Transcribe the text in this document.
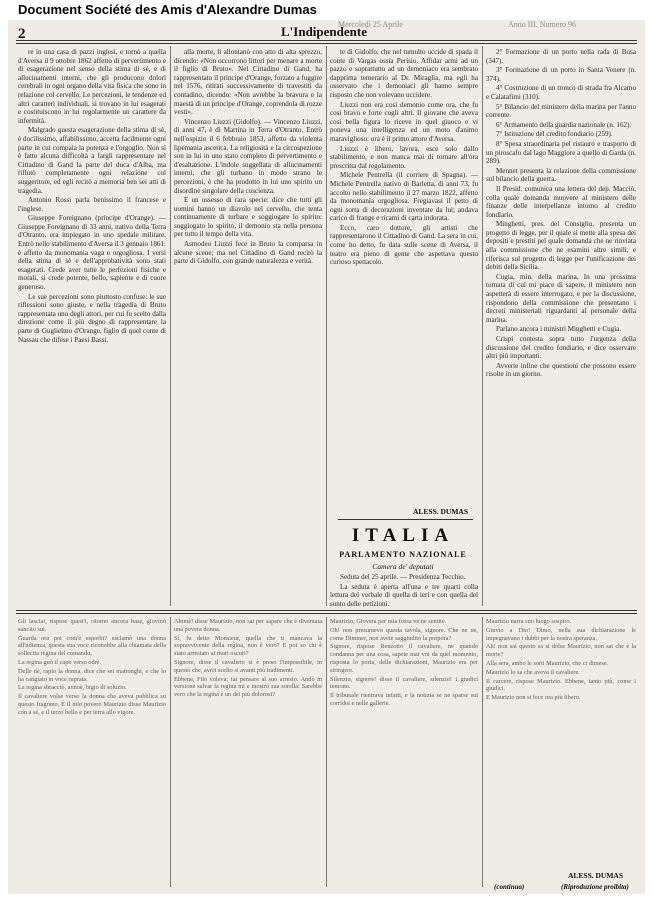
Document Société des Amis d'Alexandre Dumas
2
Mercoledì 25 Aprile	Anno III. Numero 96
L'Indipendente

re in una casa di pazzi inglesi, e tornò a quella d'Aversa il 9 ottobre 1862 affetto di pervertimento e di esagerazione nel senso della stima di sè, e di allucinamenti interni, che gli producono dolori cerebrali in ogni organo della vita fisica che sono in relazione col cervello. Le percezioni, le tendenze ed altri caratteri individuali, si trovano in lui esagerati e costituiscono in lui regolarmente un carattere da infermità.

Malgrado questa esagerazione della stima di sè, è docilissimo, affabilissimo, accetta facilmente ogni parte in cui compaia la potenza e l'orgoglio. Non si è fatto alcuna difficoltà a fargli rappresentare nel Cittadino di Gand la parte del duca d'Alba, ma riflutò completamente ogni relazione col suggeritore, ed egli recitò a memoria ben sei atti di tragedia.

Antonio Rossi parla benissimo il francese e l'inglese.

Giuseppe Foreignano (principe d'Orange). — Giuseppe Foreignano di 33 anni, nativo della Terra d'Otranto, era impiegato in uno spedale militare. Entrò nello stabilimento d'Aversa il 3 gennaio 1861: è affetto da monomania vaga e orgogliosa. I versi della stima di sè e dell'approbatività sono stati esagerati. Crede aver tutte le perfezioni fisiche e morali, si crede potente, bello, sapiente e di cuore generoso.

Le sue percezioni sono piuttosto confuse: le sue riflessioni sono giuste, e nella tragedia di Bruto rappresentata uno degli attori, per cui fu scelto dalla direzione come il più degno di rappresentare la parte di Guglielmo d'Orange, figlio di quel conte di Nassau che difese i Paesi Bassi.

alla morte, li allontanò con atto di alta sprezzo, dicendo: «Non occorrono littori per menare a morte il figlio di Bruto». Nel Cittadino di Gand, ha rappresentato il principe d'Orange, forzato a fuggire nel 1576, ritirati successivamente di travestiti da contadino, dicendo: «Non avrebbe la bravura e la maestà di un principe d'Orange, coprendola di rozze vesti».

Vincenzo Liuzzi (Gidolfo). — Vincenzo Liuzzi, di anni 47, è di Martina in Terra d'Otranto. Entrò nell'ospizio il 6 febbraio 1853, affetto da violenta lipemania ascetica. La religiosità e la circospezione son in lui in uno stato completo di pervertimento e d'esaltazione. L'indole suggellata di allucinamenti interni, che gli turbano in modo strano le percezioni, è che ha prodotto in lui uno spirito un disordine singolare della coscienza.

E un ossesso di rara specie: dice che tutti gli uomini hanno un diavolo nel cervello, che tenta continuamente di turbare e soggiogare lo spirito: soggiogato lo spirito, il demonio sta nella persona per tutto il tempo della vita.

Asmodeo Liuzzi fece in Bruto la comparsa in alcune scene; ma nel Cittadino di Gand recitò la parte di Gidolfo, con grande naturalezza e verità.

te di Gidolfo, che nel tumulto uccide di spada il conte di Vargas ossia Perisio. Affidar armi ad un pazzo e soprattutto ad un demoniaco era sembrato dapprima temerario al Dr. Miraglia, ma egli ha osservato che i demoniaci gli hanno sempre risposto che non volevano uccidere.

Liuzzi non era così demonio come ora, che fu così bravo e forte cogli altri. Il giovane che aveva così bella figura lo riceve in quel giuoco e vi poneva una intelligenza ed un moto d'animo maraviglioso: ora è il primo attore d'Aversa.

Liuzzi è libero, lavora, esce solo dallo stabilimento, e non manca mai di tornare all'ora prescritta dal regolamento.

Michele Pentrella (il corriere di Spagna). — Michele Pentrella nativo di Barletta, di anni 73, fu accolto nello stabilimento il 27 marzo 1822, affetto da monomania orgogliosa. Fregiavasi il petto di ogni sorta di decorazioni inventate da lui; andava carico di frange e ricami di carta indorata.

Ecco, caro dottore, gli artisti che rappresentarono il Cittadino di Gand. La sera in cui, come ho detto, fu data sulle scene di Aversa, il teatro era pieno di gente che aspettava questo curioso spettacolo.

ALESS. DUMAS
ITALIA
PARLAMENTO NAZIONALE
Camera de' deputati

Seduta del 25 aprile. — Presidenza Tecchio.

La seduta è aperta all'una e tre quarti colla lettura del verbale di quella di ieri e con quella del sunto delle petizioni.

2° Formazione di un porto nella rada di Bosa (347).

3° Formazione di un porto in Santa Venere (n. 374).

4° Costruzione di un tronco di strada fra Alcamo e Calatafimi (310).

5° Bilancio del ministero della marina per l'anno corrente.

6° Armamento della guardia nazionale (n. 162).

7° Istituzione del credito fondiario (259).

8° Spesa straordinaria pel ristauro e trasporto di un piroscafo dal lago Maggiore a quello di Garda (n. 289).

Mennet presenta la relazione della commissione sul bilancio della guerra.

Il Presid. comunica una lettera del dep. Macciò, colla quale domanda muovere al ministero delle finanze delle interpellanze intorno al credito fondiario.

Minghetti, pres. del Consiglio, presenta un progetto di legge, per il quale si mette alla spesa dei depositi e prestiti pel quale domanda che ne rinviata alla commissione che ne esamini altre simili, e riferisca sul progetto di legge per l'unificazione dei debiti della Sicilia.

Cugia, min. della marina, In una prossima tornata di cui mi piace di sapere, il ministero non aspetterà di essere interrogato, e per la discussione, rispondono della commissione che presentano i decreti ministeriali riguardanti al personale della marina.

Parlano ancora i ministri Minghetti e Cugia.

Crispi contesta sopra tutto l'urgenza della discussione del credito fondiario, e dice osservare altri più importanti.

Avverte infine che questioni che possono essere risolte in un giorno.

Gli lasciai, rispose quest'i, ritorno ancora base, giovinò sancito sui.

Guarda ora poi com'è esporbi? esclamò una donna all'udienza, questa sua voce riconobbe alla chiamata della sollecita regina del comando.

La regina guò il capo verso odrè.

Delle nè, rapio la donna, dice che sei mattonghi, e che lo ha cangiato in voce ruprata.

La regina sbracciò, annoè, bigio di soluzio.

Il cavaliere volse verso la donna che aveva pubblica su questo fragrano. È il mio povero Maurizio disse Maurizio con a sé, e il terzo bello e per terra allo vigore.

Ahimè! disse Maurizio, non sai per sapere che è diventata una povera donna.

Sì, fu detto Monsieur, quella che ti mancava la sopravvivente della regina, non è vero? E poi so chi è stato arrestato ai muri oscuri?

Signore, disse il cavaliere si è preso l'impossibile, in questo che, avrei scelto si avanti più tradimenti.

Ebbene, Filo voleva; fai pensare al suo arresto. Andò in versione salvar la regina mi e mostrò sua sorella: Sarebbe vero che la regina è un dei più dolorosi?

Maurizio, Giovera per mia fossa ve ne sentite.

Oh! non presumevo questa tavola, signore. Che ne ne, come Dimmer, non avete saggiudito la porpora?

Signore, rispose Renzotto il cavaliere, ne quando condanna per una cosa, sapete mai voi da quel momento, risposta lo porta, delle dichiarazioni, Maurizio era per stringere.

Silenzio, signore! disse il cavaliere, silenzio! i giudici temono.

Il tribunale rientrava infatti, e la notizia se ne sparse sui corridoi e nelle gallerie.

Maurizio narra suo luogo sospiro.

Giuvio a Dio! Dimo, nella sua dichiarazione le impegnavano i dubbi per la nostra speranza.

Ah! non sai questo sa si dolse Maurizio, non sai che è la morte?

Alla sera, ambo le sorti Maurizio, che ci dimese.

Maurizio lo sa che aveva il cavaliere.

Il carcere, rispose Maurizio. Ebbene, tanto più, come i giudici.

E Maurizio non si fece ora più libero.

ALESS. DUMAS
(continua)	(Riproduzione proibita)
